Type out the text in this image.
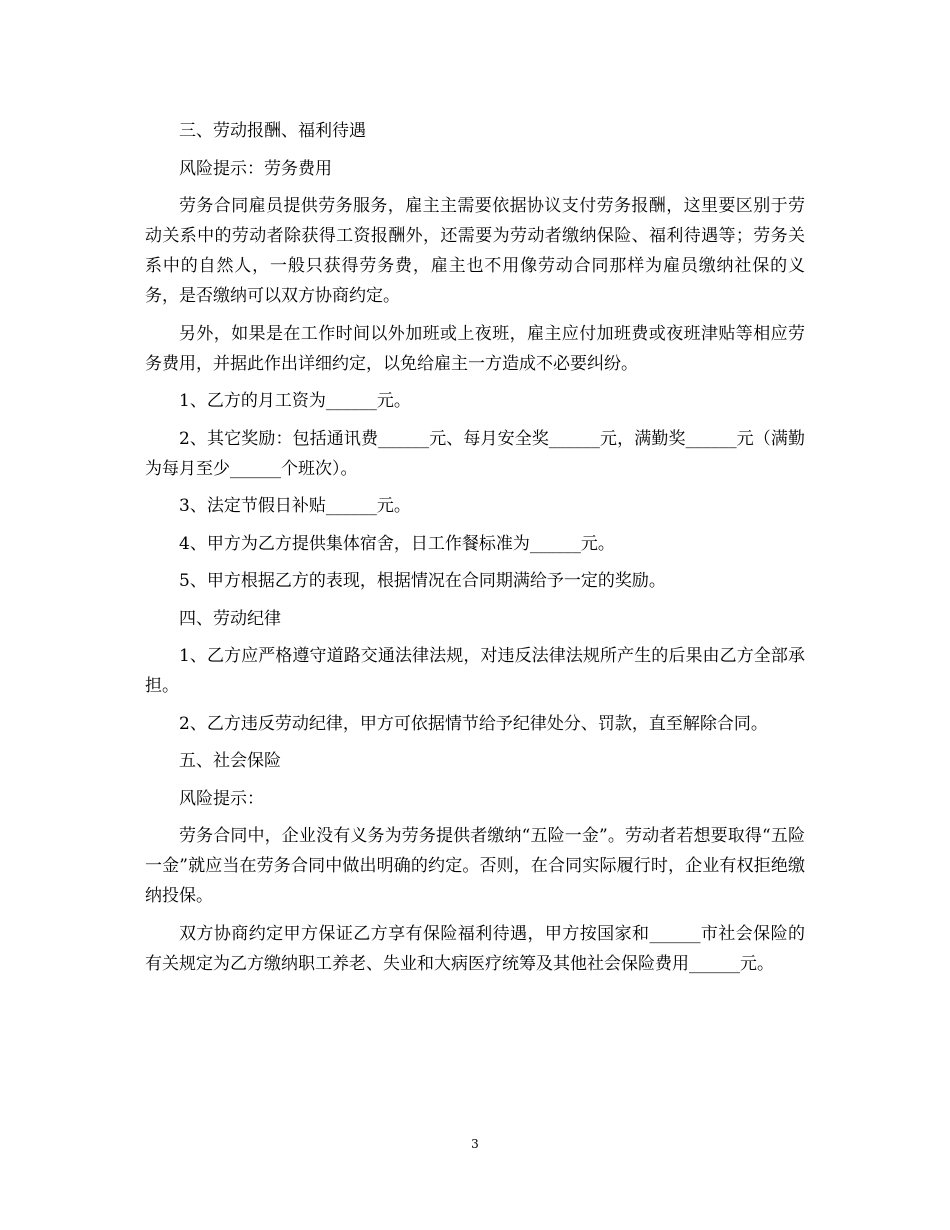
三、劳动报酬、福利待遇

风险提示：劳务费用

劳务合同雇员提供劳务服务，雇主主需要依据协议支付劳务报酬，这里要区别于劳动关系中的劳动者除获得工资报酬外，还需要为劳动者缴纳保险、福利待遇等；劳务关系中的自然人，一般只获得劳务费，雇主也不用像劳动合同那样为雇员缴纳社保的义务，是否缴纳可以双方协商约定。

另外，如果是在工作时间以外加班或上夜班，雇主应付加班费或夜班津贴等相应劳务费用，并据此作出详细约定，以免给雇主一方造成不必要纠纷。

1、乙方的月工资为______元。

2、其它奖励：包括通讯费______元、每月安全奖______元，满勤奖______元（满勤为每月至少______个班次）。

3、法定节假日补贴______元。

4、甲方为乙方提供集体宿舍，日工作餐标准为______元。

5、甲方根据乙方的表现，根据情况在合同期满给予一定的奖励。

四、劳动纪律

1、乙方应严格遵守道路交通法律法规，对违反法律法规所产生的后果由乙方全部承担。

2、乙方违反劳动纪律，甲方可依据情节给予纪律处分、罚款，直至解除合同。

五、社会保险

风险提示：

劳务合同中，企业没有义务为劳务提供者缴纳“五险一金”。劳动者若想要取得“五险一金”就应当在劳务合同中做出明确的约定。否则，在合同实际履行时，企业有权拒绝缴纳投保。

双方协商约定甲方保证乙方享有保险福利待遇，甲方按国家和______市社会保险的有关规定为乙方缴纳职工养老、失业和大病医疗统筹及其他社会保险费用______元。

3
